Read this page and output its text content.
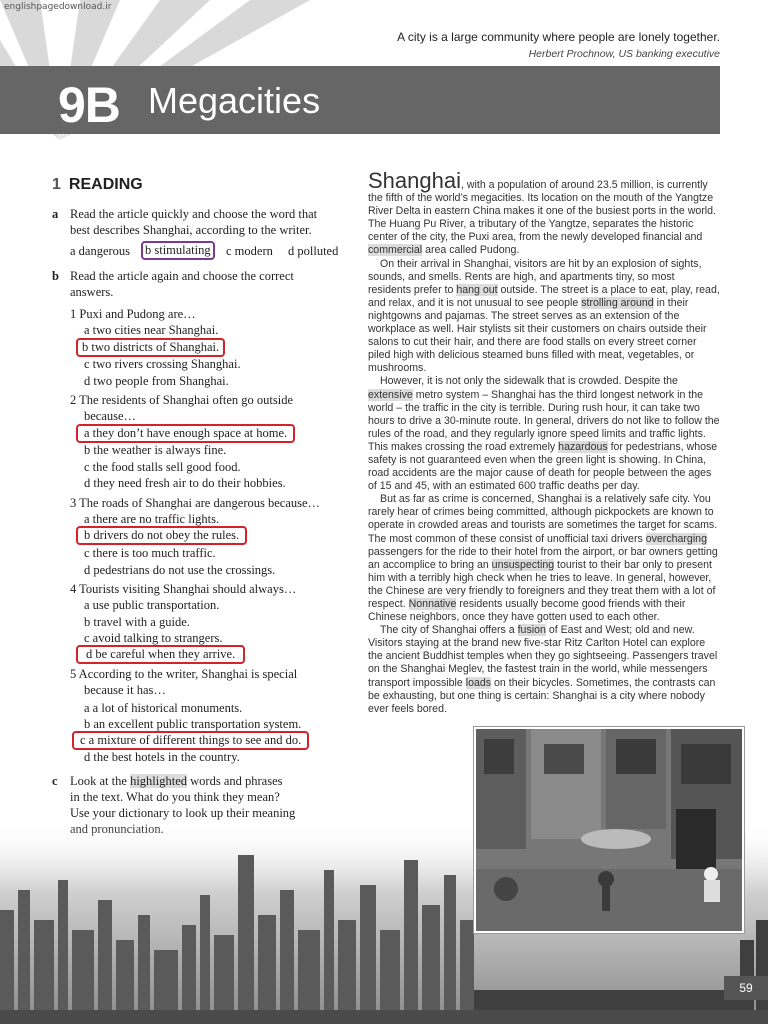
englishpagedownload.ir
A city is a large community where people are lonely together.
Herbert Prochnow, US banking executive
9B Megacities
1 READING
a Read the article quickly and choose the word that
best describes Shanghai, according to the writer.
a dangerous	b stimulating	c modern d polluted
b Read the article again and choose the correct
answers.
1 Puxi and Pudong are…
a two cities near Shanghai.
b two districts of Shanghai.
c two rivers crossing Shanghai.
d two people from Shanghai.
2 The residents of Shanghai often go outside
because…
a they don’t have enough space at home.
b the weather is always fine.
c the food stalls sell good food.
d they need fresh air to do their hobbies.
3 The roads of Shanghai are dangerous because…
a there are no traffic lights.
b drivers do not obey the rules.
c there is too much traffic.
d pedestrians do not use the crossings.
4 Tourists visiting Shanghai should always…
a use public transportation.
b travel with a guide.
c avoid talking to strangers.
d be careful when they arrive.
5 According to the writer, Shanghai is special
because it has…
a a lot of historical monuments.
b an excellent public transportation system.
c a mixture of different things to see and do.
d the best hotels in the country.
c Look at the highlighted words and phrases
in the text. What do you think they mean?
Use your dictionary to look up their meaning

Shanghai, with a population of around 23.5 million, is currently the fifth of the world’s megacities. Its location on the mouth of the Yangtze River Delta in eastern China makes it one of the busiest ports in the world. The Huang Pu River, a tributary of the Yangtze, separates the historic center of the city, the Puxi area, from the newly developed financial and commercial area called Pudong.

On their arrival in Shanghai, visitors are hit by an explosion of sights, sounds, and smells. Rents are high, and apartments tiny, so most residents prefer to hang out outside. The street is a place to eat, play, read, and relax, and it is not unusual to see people strolling around in their nightgowns and pajamas. The street serves as an extension of the workplace as well. Hair stylists sit their customers on chairs outside their salons to cut their hair, and there are food stalls on every street corner piled high with delicious steamed buns filled with meat, vegetables, or mushrooms.

However, it is not only the sidewalk that is crowded. Despite the extensive metro system – Shanghai has the third longest network in the world – the traffic in the city is terrible. During rush hour, it can take two hours to drive a 30-minute route. In general, drivers do not like to follow the rules of the road, and they regularly ignore speed limits and traffic lights. This makes crossing the road extremely hazardous for pedestrians, whose safety is not guaranteed even when the green light is showing. In China, road accidents are the major cause of death for people between the ages of 15 and 45, with an estimated 600 traffic deaths per day.

But as far as crime is concerned, Shanghai is a relatively safe city. You rarely hear of crimes being committed, although pickpockets are known to operate in crowded areas and tourists are sometimes the target for scams. The most common of these consist of unofficial taxi drivers overcharging passengers for the ride to their hotel from the airport, or bar owners getting an accomplice to bring an unsuspecting tourist to their bar only to present him with a terribly high check when he tries to leave. In general, however, the Chinese are very friendly to foreigners and they treat them with a lot of respect. Nonnative residents usually become good friends with their Chinese neighbors, once they have gotten used to each other.

The city of Shanghai offers a fusion of East and West; old and new. Visitors staying at the brand new five-star Ritz Carlton Hotel can explore the ancient Buddhist temples when they go sightseeing. Passengers travel on the Shanghai Meglev, the fastest train in the world, while messengers transport impossible loads on their bicycles. Sometimes, the contrasts can be exhausting, but one thing is certain: Shanghai is a city where nobody ever feels bored.

59
